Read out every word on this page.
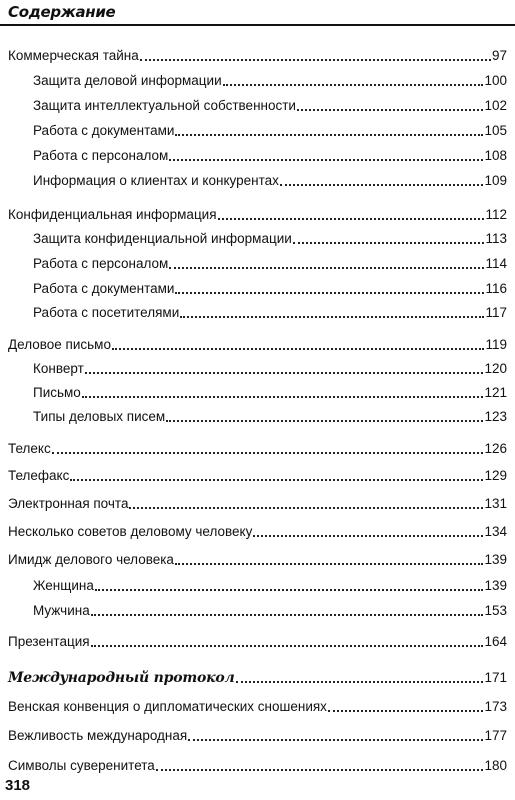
Содержание
Коммерческая тайна	97
Защита деловой информации	100
Защита интеллектуальной собственности	102
Работа с документами	105
Работа с персоналом	108
Информация о клиентах и конкурентах	109
Конфиденциальная информация	112
Защита конфиденциальной информации	113
Работа с персоналом	114
Работа с документами	116
Работа с посетителями	117
Деловое письмо	119
Конверт	120
Письмо	121
Типы деловых писем	123
Телекс	126
Телефакс	129
Электронная почта	131
Несколько советов деловому человеку	134
Имидж делового человека	139
Женщина	139
Мужчина	153
Презентация	164
Международный протокол	171
Венская конвенция о дипломатических сношениях	173
Вежливость международная	177
Символы суверенитета	180
318
